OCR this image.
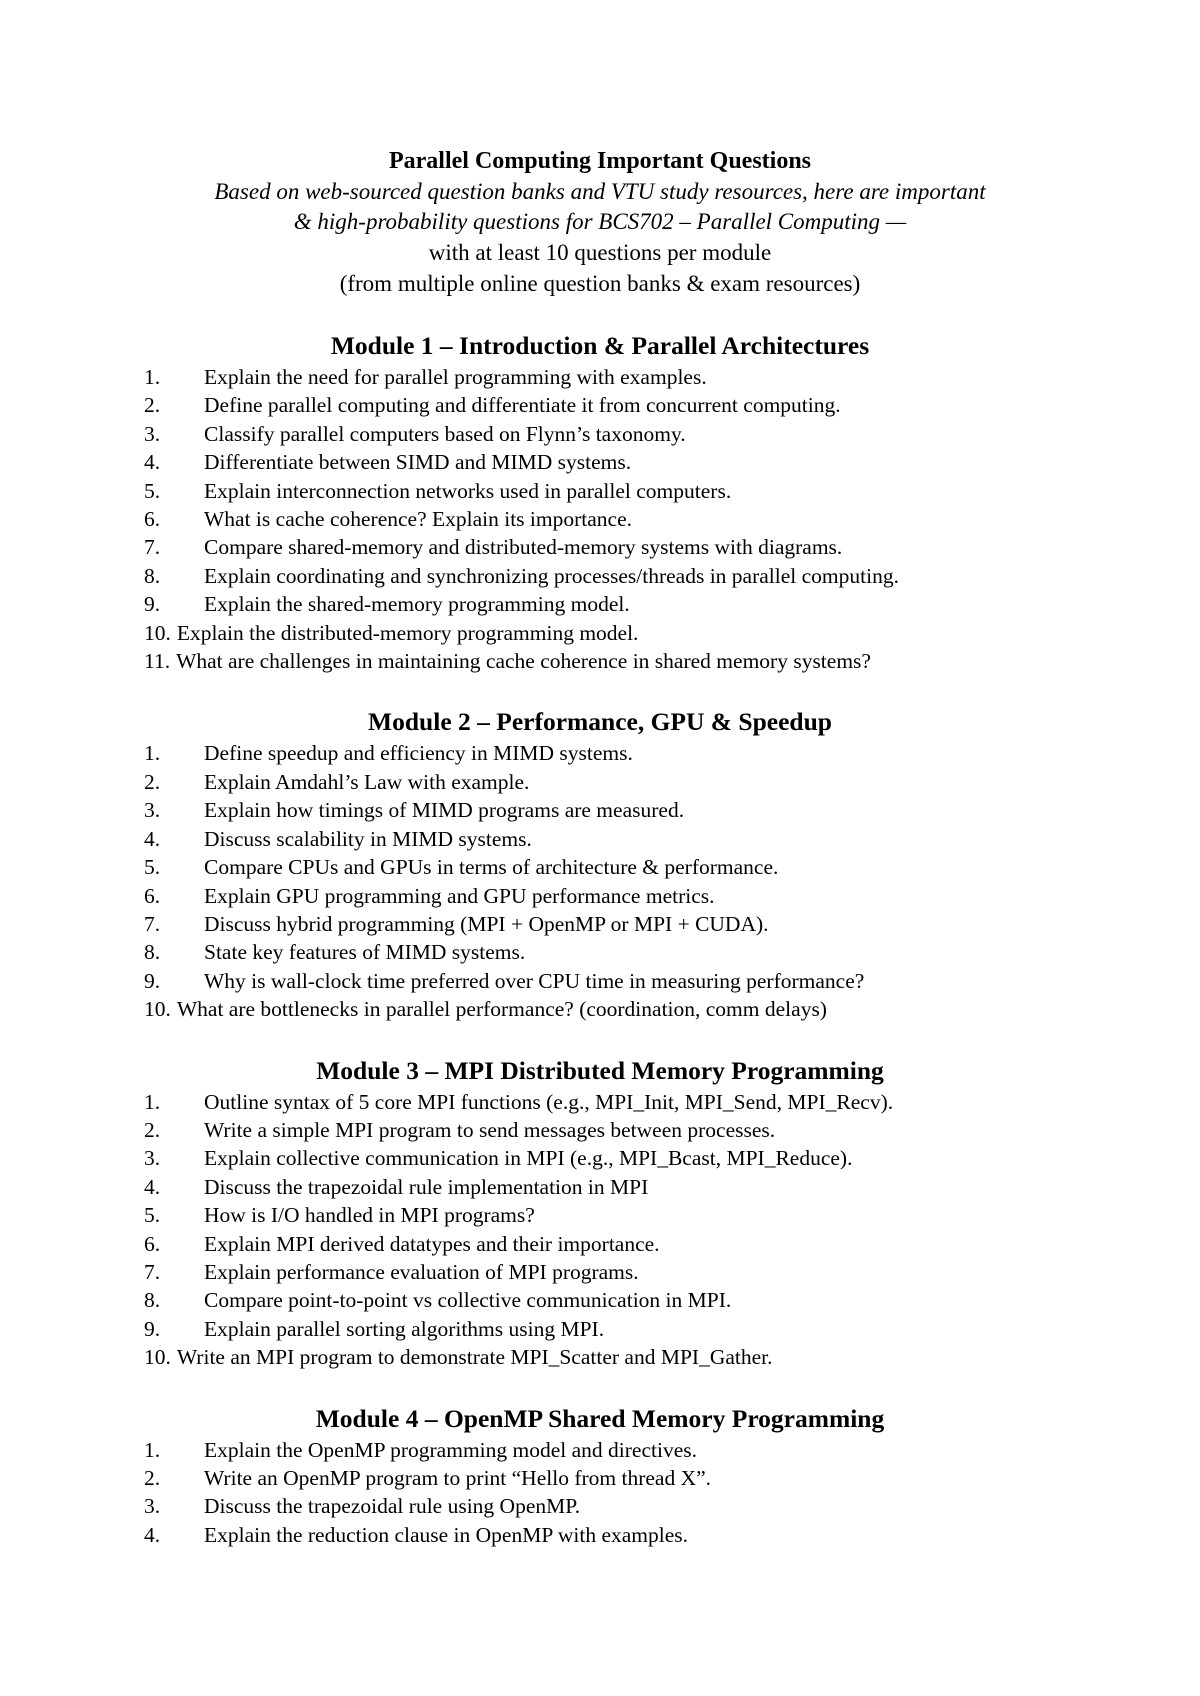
Parallel Computing Important Questions

Based on web-sourced question banks and VTU study resources, here are important

& high-probability questions for BCS702 – Parallel Computing —

with at least 10 questions per module

(from multiple online question banks & exam resources)

Module 1 – Introduction & Parallel Architectures
1. Explain the need for parallel programming with examples.
2. Define parallel computing and differentiate it from concurrent computing.
3. Classify parallel computers based on Flynn’s taxonomy.
4. Differentiate between SIMD and MIMD systems.
5. Explain interconnection networks used in parallel computers.
6. What is cache coherence? Explain its importance.
7. Compare shared-memory and distributed-memory systems with diagrams.
8. Explain coordinating and synchronizing processes/threads in parallel computing.
9. Explain the shared-memory programming model.
10. Explain the distributed-memory programming model.
11. What are challenges in maintaining cache coherence in shared memory systems?
Module 2 – Performance, GPU & Speedup
1. Define speedup and efficiency in MIMD systems.
2. Explain Amdahl’s Law with example.
3. Explain how timings of MIMD programs are measured.
4. Discuss scalability in MIMD systems.
5. Compare CPUs and GPUs in terms of architecture & performance.
6. Explain GPU programming and GPU performance metrics.
7. Discuss hybrid programming (MPI + OpenMP or MPI + CUDA).
8. State key features of MIMD systems.
9. Why is wall-clock time preferred over CPU time in measuring performance?
10. What are bottlenecks in parallel performance? (coordination, comm delays)
Module 3 – MPI Distributed Memory Programming
1. Outline syntax of 5 core MPI functions (e.g., MPI_Init, MPI_Send, MPI_Recv).
2. Write a simple MPI program to send messages between processes.
3. Explain collective communication in MPI (e.g., MPI_Bcast, MPI_Reduce).
4. Discuss the trapezoidal rule implementation in MPI
5. How is I/O handled in MPI programs?
6. Explain MPI derived datatypes and their importance.
7. Explain performance evaluation of MPI programs.
8. Compare point-to-point vs collective communication in MPI.
9. Explain parallel sorting algorithms using MPI.
10. Write an MPI program to demonstrate MPI_Scatter and MPI_Gather.
Module 4 – OpenMP Shared Memory Programming
1. Explain the OpenMP programming model and directives.
2. Write an OpenMP program to print “Hello from thread X”.
3. Discuss the trapezoidal rule using OpenMP.
4. Explain the reduction clause in OpenMP with examples.
